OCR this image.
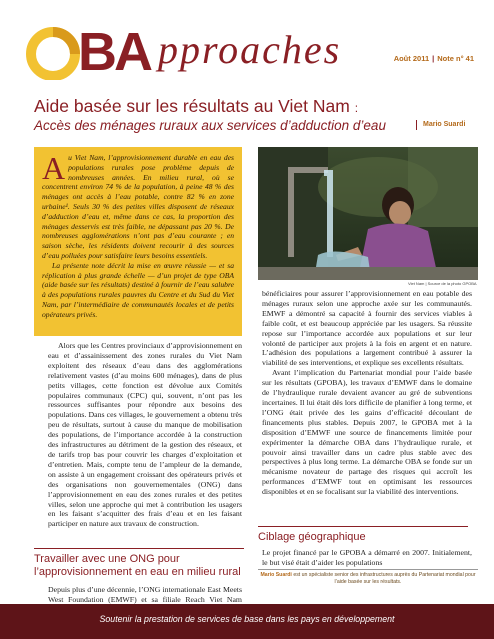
BA pproaches	Août 2011 | Note n° 41
Aide basée sur les résultats au Viet Nam :
Accès des ménages ruraux aux services d’adduction d’eau	Mario Suardi

Au Viet Nam, l’approvisionnement durable en eau des populations rurales pose problème depuis de nombreuses années. En milieu rural, où se concentrent environ 74 % de la population, à peine 48 % des ménages ont accès à l’eau potable, contre 82 % en zone urbaine¹. Seuls 30 % des petites villes disposent de réseaux d’adduction d’eau et, même dans ce cas, la proportion des ménages desservis est très faible, ne dépassant pas 20 %. De nombreuses agglomérations n’ont pas d’eau courante ; en saison sèche, les résidents doivent recourir à des sources d’eau polluées pour satisfaire leurs besoins essentiels.

La présente note décrit la mise en œuvre réussie — et sa réplication à plus grande échelle — d’un projet de type OBA (aide basée sur les résultats) destiné à fournir de l’eau salubre à des populations rurales pauvres du Centre et du Sud du Viet Nam, par l’intermédiaire de communautés locales et de petits opérateurs privés.

Viet Nam | Source de la photo GPOBA

Alors que les Centres provinciaux d’approvisionnement en eau et d’assainissement des zones rurales du Viet Nam exploitent des réseaux d’eau dans des agglomérations relativement vastes (d’au moins 600 ménages), dans de plus petits villages, cette fonction est dévolue aux Comités populaires communaux (CPC) qui, souvent, n’ont pas les ressources suffisantes pour répondre aux besoins des populations. Dans ces villages, le gouvernement a obtenu très peu de résultats, surtout à cause du manque de mobilisation des populations, de l’importance accordée à la construction des infrastructures au détriment de la gestion des réseaux, et de tarifs trop bas pour couvrir les charges d’exploitation et d’entretien. Mais, compte tenu de l’ampleur de la demande, on assiste à un engagement croissant des opérateurs privés et des organisations non gouvernementales (ONG) dans l’approvisionnement en eau des zones rurales et des petites villes, selon une approche qui met à contribution les usagers en les faisant s’acquitter des frais d’eau et en les faisant participer en nature aux travaux de construction.

Travailler avec une ONG pour l’approvisionnement en eau en milieu rural

Depuis plus d’une décennie, l’ONG internationale East Meets West Foundation (EMWF) et sa filiale Reach Viet Nam

bénéficiaires pour assurer l’approvisionnement en eau potable des ménages ruraux selon une approche axée sur les communautés. EMWF a démontré sa capacité à fournir des services viables à faible coût, et est beaucoup appréciée par les usagers. Sa réussite repose sur l’importance accordée aux populations et sur leur volonté de participer aux projets à la fois en argent et en nature. L’adhésion des populations a largement contribué à assurer la viabilité de ses interventions, et explique ses excellents résultats.

Avant l’implication du Partenariat mondial pour l’aide basée sur les résultats (GPOBA), les travaux d’EMWF dans le domaine de l’hydraulique rurale devaient avancer au gré de subventions incertaines. Il lui était dès lors difficile de planifier à long terme, et l’ONG était privée des les gains d’efficacité découlant de financements plus stables. Depuis 2007, le GPOBA met à la disposition d’EMWF une source de financements limitée pour expérimenter la démarche OBA dans l’hydraulique rurale, et pouvoir ainsi travailler dans un cadre plus stable avec des perspectives à plus long terme. La démarche OBA se fonde sur un mécanisme novateur de partage des risques qui accroît les performances d’EMWF tout en optimisant les ressources disponibles et en se focalisant sur la viabilité des interventions.

Ciblage géographique

Le projet financé par le GPOBA a démarré en 2007. Initialement, le but visé était d’aider les populations

Mario Suardi est un spécialiste senior des infrastructures auprès du Partenariat mondial pour l’aide basée sur les résultats.
Soutenir la prestation de services de base dans les pays en développement
